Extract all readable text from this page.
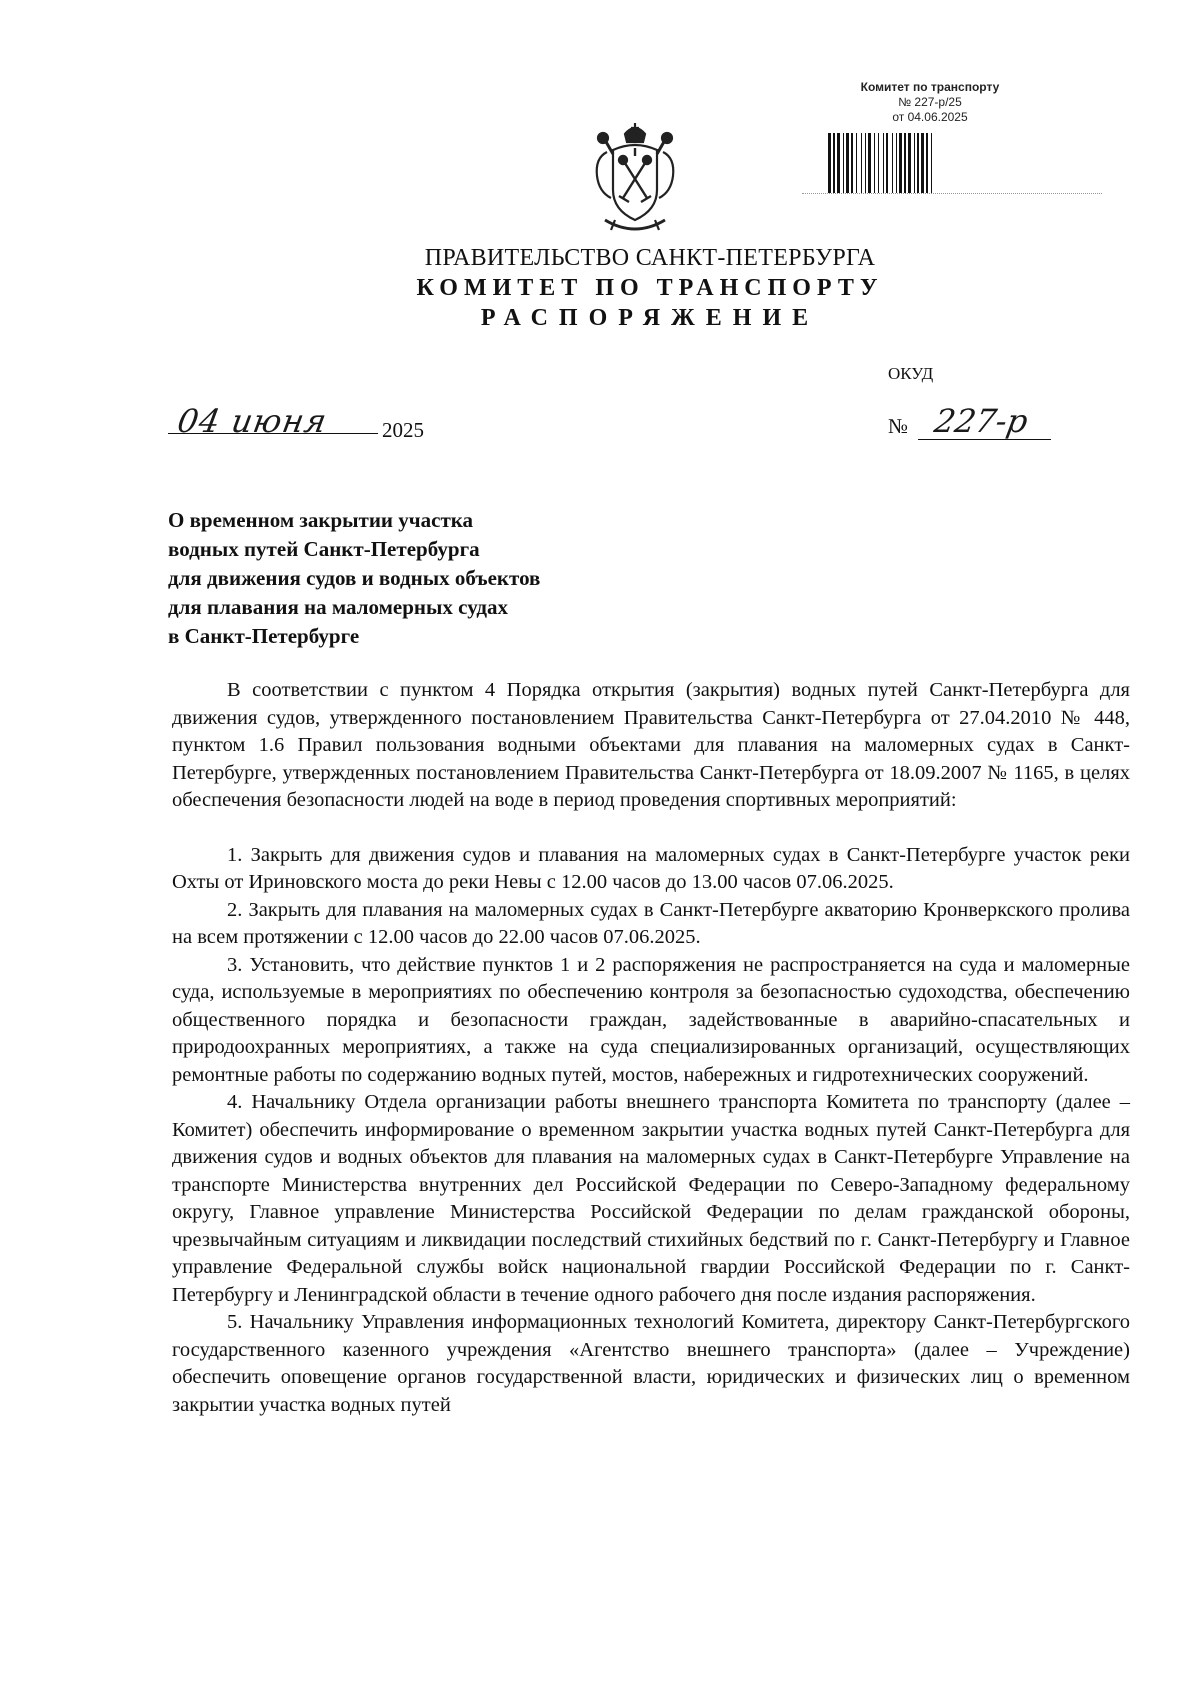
Комитет по транспорту
№ 227-р/25
от 04.06.2025
ПРАВИТЕЛЬСТВО САНКТ-ПЕТЕРБУРГА
КОМИТЕТ ПО ТРАНСПОРТУ
РАСПОРЯЖЕНИЕ
ОКУД
04 июня 2025	№ 227-р
О временном закрытии участка
водных путей Санкт-Петербурга
для движения судов и водных объектов
для плавания на маломерных судах
в Санкт-Петербурге

В соответствии с пунктом 4 Порядка открытия (закрытия) водных путей Санкт-Петербурга для движения судов, утвержденного постановлением Правительства Санкт-Петербурга от 27.04.2010 № 448, пунктом 1.6 Правил пользования водными объектами для плавания на маломерных судах в Санкт-Петербурге, утвержденных постановлением Правительства Санкт-Петербурга от 18.09.2007 № 1165, в целях обеспечения безопасности людей на воде в период проведения спортивных мероприятий:

1. Закрыть для движения судов и плавания на маломерных судах в Санкт-Петербурге участок реки Охты от Ириновского моста до реки Невы с 12.00 часов до 13.00 часов 07.06.2025.

2. Закрыть для плавания на маломерных судах в Санкт-Петербурге акваторию Кронверкского пролива на всем протяжении с 12.00 часов до 22.00 часов 07.06.2025.

3. Установить, что действие пунктов 1 и 2 распоряжения не распространяется на суда и маломерные суда, используемые в мероприятиях по обеспечению контроля за безопасностью судоходства, обеспечению общественного порядка и безопасности граждан, задействованные в аварийно-спасательных и природоохранных мероприятиях, а также на суда специализированных организаций, осуществляющих ремонтные работы по содержанию водных путей, мостов, набережных и гидротехнических сооружений.

4. Начальнику Отдела организации работы внешнего транспорта Комитета по транспорту (далее – Комитет) обеспечить информирование о временном закрытии участка водных путей Санкт-Петербурга для движения судов и водных объектов для плавания на маломерных судах в Санкт-Петербурге Управление на транспорте Министерства внутренних дел Российской Федерации по Северо-Западному федеральному округу, Главное управление Министерства Российской Федерации по делам гражданской обороны, чрезвычайным ситуациям и ликвидации последствий стихийных бедствий по г. Санкт-Петербургу и Главное управление Федеральной службы войск национальной гвардии Российской Федерации по г. Санкт-Петербургу и Ленинградской области в течение одного рабочего дня после издания распоряжения.

5. Начальнику Управления информационных технологий Комитета, директору Санкт-Петербургского государственного казенного учреждения «Агентство внешнего транспорта» (далее – Учреждение) обеспечить оповещение органов государственной власти, юридических и физических лиц о временном закрытии участка водных путей
